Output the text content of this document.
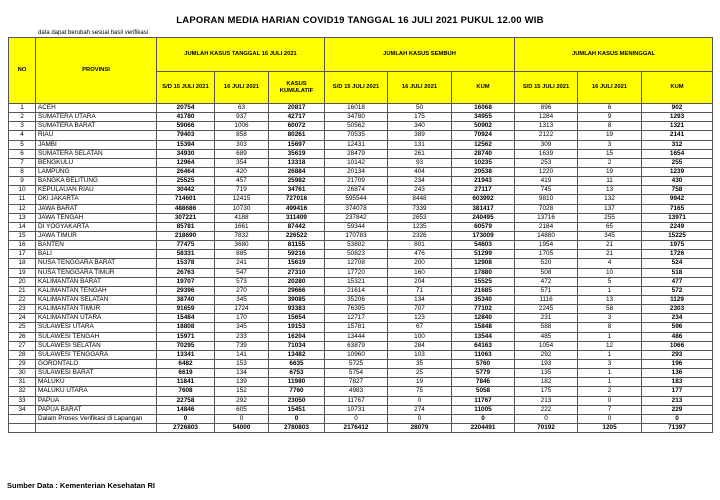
LAPORAN MEDIA HARIAN COVID19 TANGGAL 16 JULI 2021 PUKUL 12.00 WIB
data dapat berubah sesuai hasil verifikasi
NO	PROVINSI	JUMLAH KASUS TANGGAL 16 JULI 2021			JUMLAH KASUS SEMBUH			JUMLAH KASUS MENINGGAL		
		S/D 15 JULI 2021	16 JULI 2021	KASUS KUMULATIF	S/D 15 JULI 2021	16 JULI 2021	KUM	S/D 15 JULI 2021	16 JULI 2021	KUM
1	ACEH	20754	63	20817	16018	50	16068	896	6	902
2	SUMATERA UTARA	41780	937	42717	34780	175	34955	1284	9	1293
3	SUMATERA BARAT	59066	1006	60072	50562	340	50902	1313	8	1321
4	RIAU	79403	858	80261	70535	389	70924	2122	19	2141
5	JAMBI	15394	303	15697	12431	131	12562	309	3	312
6	SUMATERA SELATAN	34930	689	35619	28479	261	28740	1639	15	1654
7	BENGKULU	12964	354	13318	10142	93	10235	253	2	255
8	LAMPUNG	26464	420	26884	20134	404	20538	1220	19	1239
9	BANGKA BELITUNG	25525	457	25982	21709	234	21943	419	11	430
10	KEPULAUAN RIAU	30442	719	34761	26874	243	27117	745	13	758
11	DKI JAKARTA	714601	12415	727016	595544	8448	603992	9810	132	9942
12	JAWA BARAT	488686	10730	499416	374078	7339	381417	7028	137	7165
13	JAWA TENGAH	307221	4188	311409	237842	2653	240495	13716	255	13971
14	DI YOGYAKARTA	85781	1661	87442	59344	1235	60579	2184	65	2249
15	JAWA TIMUR	218690	7832	226522	170783	2326	173009	14880	345	15225
16	BANTEN	77475	3680	81155	53802	801	54603	1954	21	1975
17	BALI	58331	885	59216	50823	476	51299	1705	21	1726
18	NUSA TENGGARA BARAT	15378	241	15619	12708	200	12908	520	4	524
19	NUSA TENGGARA TIMUR	26763	547	27310	17720	160	17880	508	10	518
20	KALIMANTAN BARAT	19707	573	20280	15321	204	15525	472	5	477
21	KALIMANTAN TENGAH	29396	270	29666	21614	71	21685	571	1	572
22	KALIMANTAN SELATAN	38740	345	39085	35206	134	35340	1116	13	1129
23	KALIMANTAN TIMUR	91659	1724	93383	76395	707	77102	2245	58	2303
24	KALIMANTAN UTARA	15484	170	15654	12717	123	12840	231	3	234
25	SULAWESI UTARA	18808	345	19153	15781	67	15848	588	8	596
26	SULAWESI TENGAH	15971	233	16204	13444	100	13544	485	1	486
27	SULAWESI SELATAN	70295	739	71034	63879	284	64163	1054	12	1066
28	SULAWESI TENGGARA	13341	141	13482	10960	103	11063	292	1	293
29	GORONTALO	6482	153	6635	5725	35	5760	193	3	196
30	SULAWESI BARAT	6619	134	6753	5754	25	5779	135	1	136
31	MALUKU	11841	139	11980	7827	19	7846	182	1	183
32	MALUKU UTARA	7608	152	7760	4983	75	5058	175	2	177
33	PAPUA	22758	292	23050	11767	0	11767	213	0	213
34	PAPUA BARAT	14846	605	15451	10731	274	11005	222	7	229
	Dalam Proses Verifikasi di Lapangan	0	0	0	0	0	0	0	0	0
		2726803	54000	2780803	2176412	28079	2204491	70192	1205	71397
Sumber Data : Kementerian Kesehatan RI
